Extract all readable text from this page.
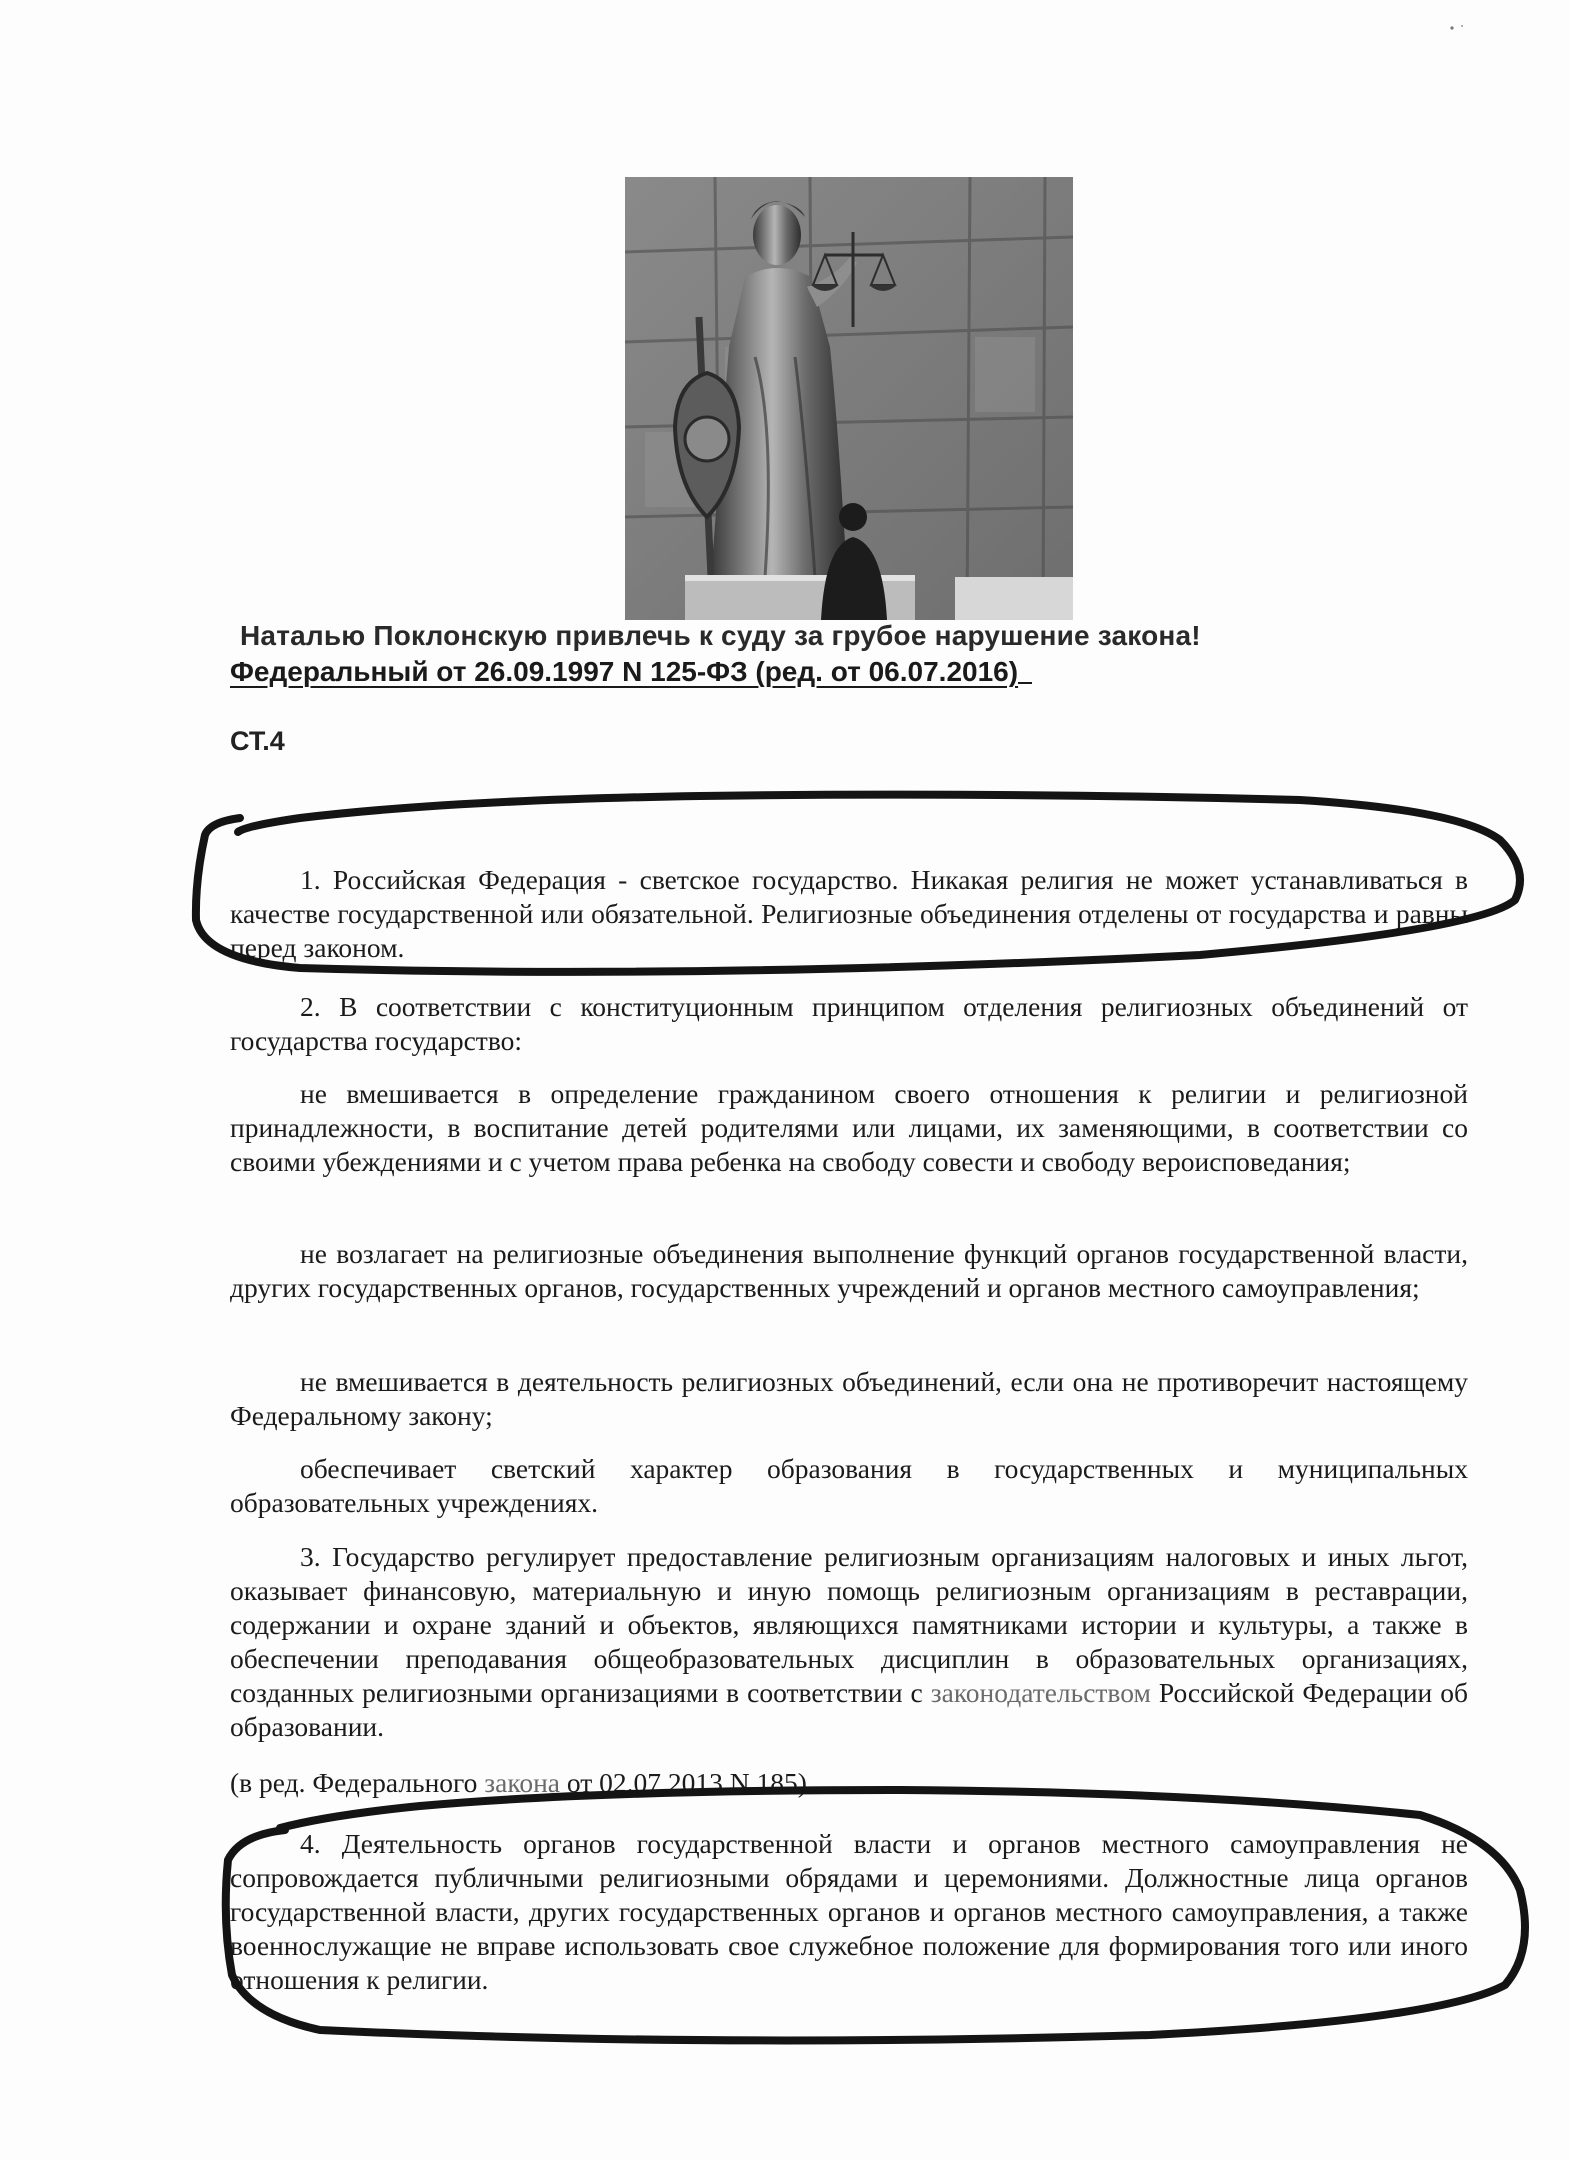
Наталью Поклонскую привлечь к суду за грубое нарушение закона!
Федеральный от 26.09.1997 N 125-ФЗ (ред. от 06.07.2016)
СТ.4
1. Российская Федерация - светское государство. Никакая религия не может устанавливаться в качестве государственной или обязательной. Религиозные объединения отделены от государства и равны перед законом.
2. В соответствии с конституционным принципом отделения религиозных объединений от государства государство:
не вмешивается в определение гражданином своего отношения к религии и религиозной принадлежности, в воспитание детей родителями или лицами, их заменяющими, в соответствии со своими убеждениями и с учетом права ребенка на свободу совести и свободу вероисповедания;
не возлагает на религиозные объединения выполнение функций органов государственной власти, других государственных органов, государственных учреждений и органов местного самоуправления;
не вмешивается в деятельность религиозных объединений, если она не противоречит настоящему Федеральному закону;
обеспечивает светский характер образования в государственных и муниципальных образовательных учреждениях.
3. Государство регулирует предоставление религиозным организациям налоговых и иных льгот, оказывает финансовую, материальную и иную помощь религиозным организациям в реставрации, содержании и охране зданий и объектов, являющихся памятниками истории и культуры, а также в обеспечении преподавания общеобразовательных дисциплин в образовательных организациях, созданных религиозными организациями в соответствии с законодательством Российской Федерации об образовании.
(в ред. Федерального закона от 02.07.2013 N 185)
4. Деятельность органов государственной власти и органов местного самоуправления не сопровождается публичными религиозными обрядами и церемониями. Должностные лица органов государственной власти, других государственных органов и органов местного самоуправления, а также военнослужащие не вправе использовать свое служебное положение для формирования того или иного отношения к религии.
